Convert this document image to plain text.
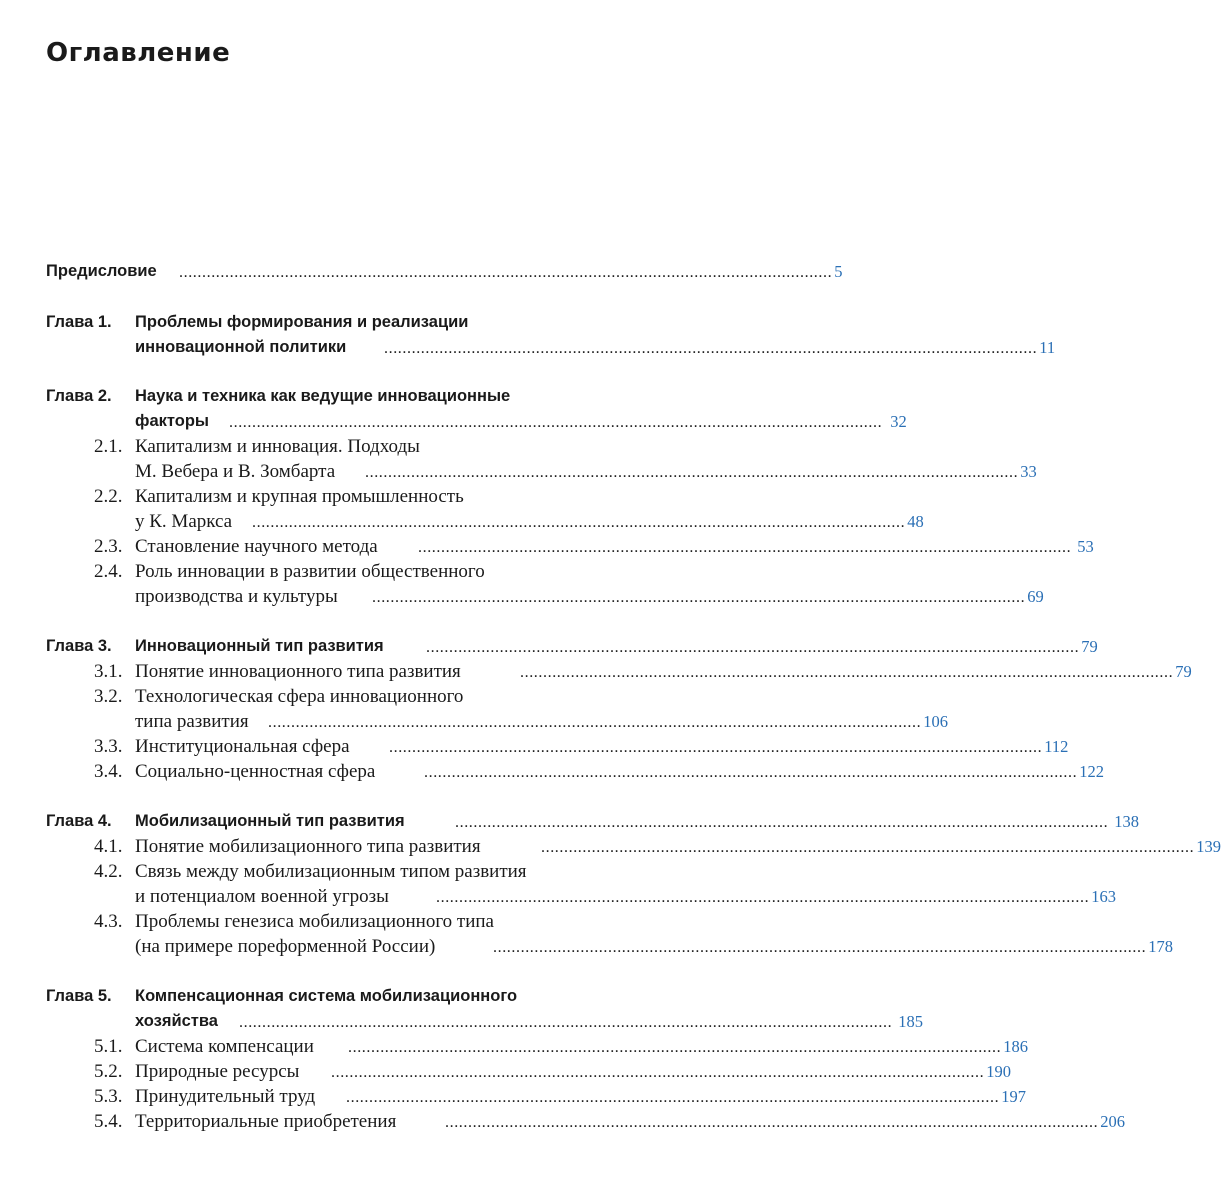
Оглавление
Предисловие .............................................................................................................................................. 5
Глава 1. Проблемы формирования и реализации
инновационной политики .............................................................................................................................................. 11
Глава 2. Наука и техника как ведущие инновационные
факторы .............................................................................................................................................. 32
2.1. Капитализм и инновация. Подходы
М. Вебера и В. Зомбарта .............................................................................................................................................. 33
2.2. Капитализм и крупная промышленность
у К. Маркса .............................................................................................................................................. 48
2.3. Становление научного метода	.............................................................................................................................................. 53
2.4. Роль инновации в развитии общественного
производства и культуры .............................................................................................................................................. 69
Глава 3. Инновационный тип развития	.............................................................................................................................................. 79
3.1. Понятие инновационного типа развития	.............................................................................................................................................. 79
3.2. Технологическая сфера инновационного
типа развития .............................................................................................................................................. 106
3.3. Институциональная сфера .............................................................................................................................................. 112
3.4. Социально-ценностная сфера	.............................................................................................................................................. 122
Глава 4. Мобилизационный тип развития	.............................................................................................................................................. 138
4.1. Понятие мобилизационного типа развития	.............................................................................................................................................. 139
4.2. Связь между мобилизационным типом развития
и потенциалом военной угрозы	.............................................................................................................................................. 163
4.3. Проблемы генезиса мобилизационного типа
(на примере пореформенной России)	.............................................................................................................................................. 178
Глава 5. Компенсационная система мобилизационного
хозяйства .............................................................................................................................................. 185
5.1. Система компенсации .............................................................................................................................................. 186
5.2. Природные ресурсы .............................................................................................................................................. 190
5.3. Принудительный труд .............................................................................................................................................. 197
5.4. Территориальные приобретения	.............................................................................................................................................. 206
